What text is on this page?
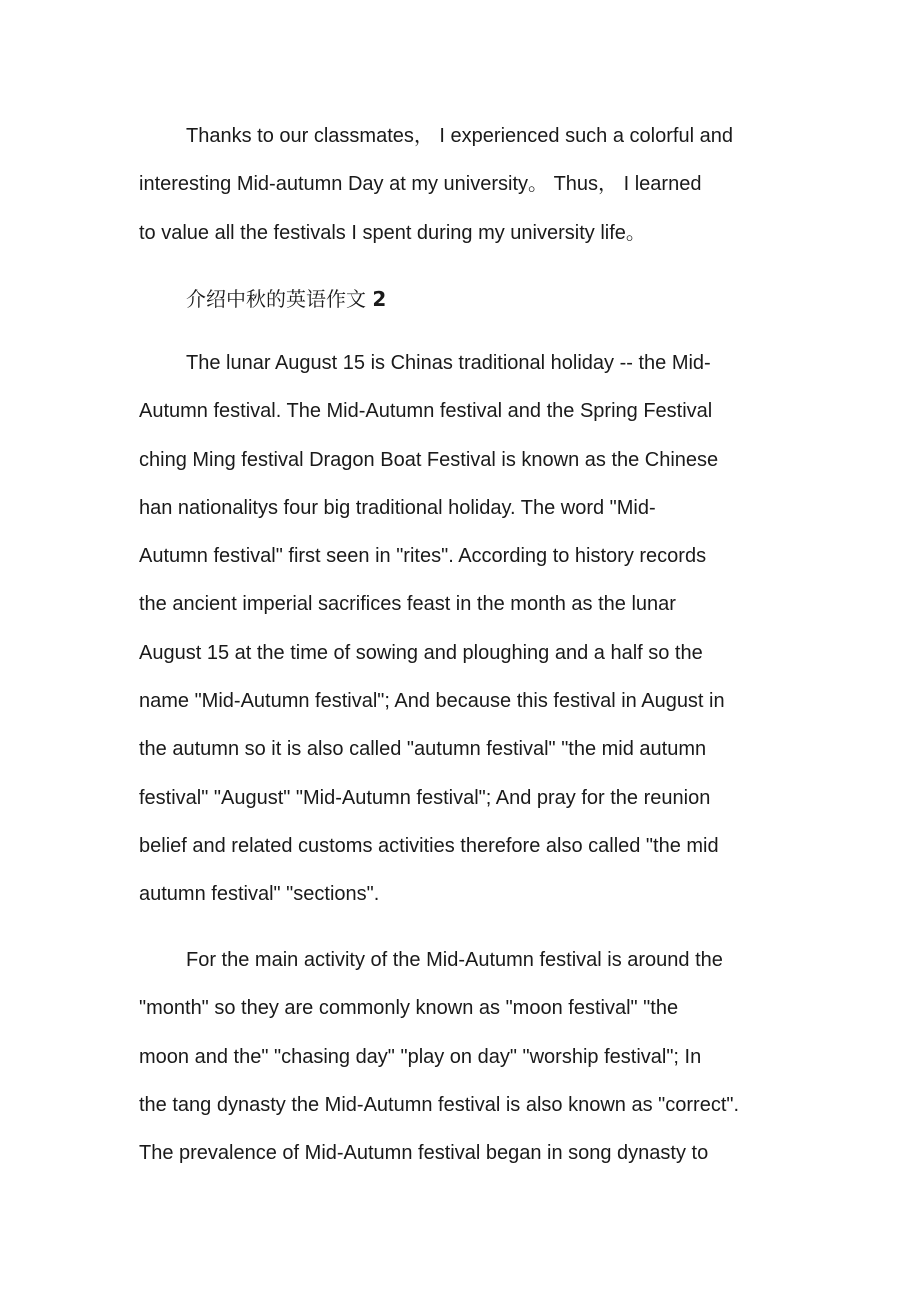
Thanks to our classmates， I experienced such a colorful and
interesting Mid-autumn Day at my university。 Thus， I learned
to value all the festivals I spent during my university life。
介绍中秋的英语作文 2
The lunar August 15 is Chinas traditional holiday -- the Mid-
Autumn festival. The Mid-Autumn festival and the Spring Festival
ching Ming festival Dragon Boat Festival is known as the Chinese
han nationalitys four big traditional holiday. The word "Mid-
Autumn festival" first seen in "rites". According to history records
the ancient imperial sacrifices feast in the month as the lunar
August 15 at the time of sowing and ploughing and a half so the
name "Mid-Autumn festival"; And because this festival in August in
the autumn so it is also called "autumn festival" "the mid autumn
festival" "August" "Mid-Autumn festival"; And pray for the reunion
belief and related customs activities therefore also called "the mid
autumn festival" "sections".
For the main activity of the Mid-Autumn festival is around the
"month" so they are commonly known as "moon festival" "the
moon and the" "chasing day" "play on day" "worship festival"; In
the tang dynasty the Mid-Autumn festival is also known as "correct".
The prevalence of Mid-Autumn festival began in song dynasty to
